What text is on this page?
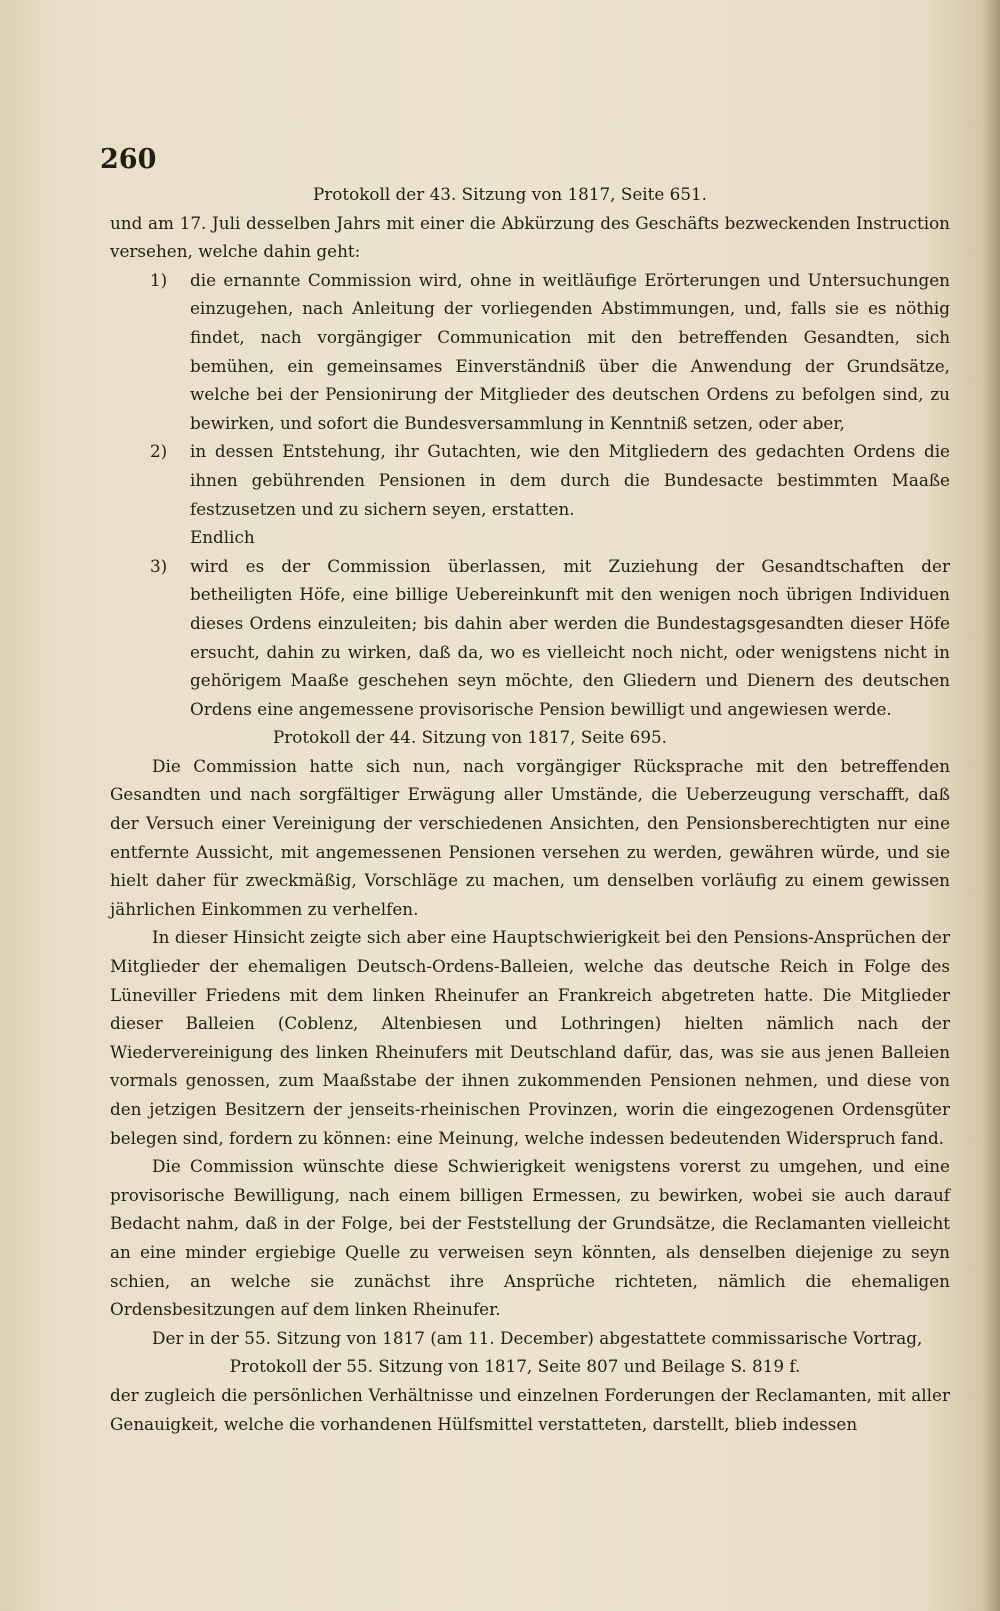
260
Protokoll der 43. Sitzung von 1817, Seite 651.

und am 17. Juli desselben Jahrs mit einer die Abkürzung des Geschäfts bezweckenden Instruction versehen, welche dahin geht:

1) die ernannte Commission wird, ohne in weitläufige Erörterungen und Untersuchungen einzugehen, nach Anleitung der vorliegenden Abstimmungen, und, falls sie es nöthig findet, nach vorgängiger Communication mit den betreffenden Gesandten, sich bemühen, ein gemeinsames Einverständniß über die Anwendung der Grundsätze, welche bei der Pensionirung der Mitglieder des deutschen Ordens zu befolgen sind, zu bewirken, und sofort die Bundesversammlung in Kenntniß setzen, oder aber,
2) in dessen Entstehung, ihr Gutachten, wie den Mitgliedern des gedachten Ordens die ihnen gebührenden Pensionen in dem durch die Bundesacte bestimmten Maaße festzusetzen und zu sichern seyen, erstatten.
Endlich
3) wird es der Commission überlassen, mit Zuziehung der Gesandtschaften der betheiligten Höfe, eine billige Uebereinkunft mit den wenigen noch übrigen Individuen dieses Ordens einzuleiten; bis dahin aber werden die Bundestagsgesandten dieser Höfe ersucht, dahin zu wirken, daß da, wo es vielleicht noch nicht, oder wenigstens nicht in gehörigem Maaße geschehen seyn möchte, den Gliedern und Dienern des deutschen Ordens eine angemessene provisorische Pension bewilligt und angewiesen werde.
Protokoll der 44. Sitzung von 1817, Seite 695.

Die Commission hatte sich nun, nach vorgängiger Rücksprache mit den betreffenden Gesandten und nach sorgfältiger Erwägung aller Umstände, die Ueberzeugung verschafft, daß der Versuch einer Vereinigung der verschiedenen Ansichten, den Pensionsberechtigten nur eine entfernte Aussicht, mit angemessenen Pensionen versehen zu werden, gewähren würde, und sie hielt daher für zweckmäßig, Vorschläge zu machen, um denselben vorläufig zu einem gewissen jährlichen Einkommen zu verhelfen.

In dieser Hinsicht zeigte sich aber eine Hauptschwierigkeit bei den Pensions-Ansprüchen der Mitglieder der ehemaligen Deutsch-Ordens-Balleien, welche das deutsche Reich in Folge des Lüneviller Friedens mit dem linken Rheinufer an Frankreich abgetreten hatte. Die Mitglieder dieser Balleien (Coblenz, Altenbiesen und Lothringen) hielten nämlich nach der Wiedervereinigung des linken Rheinufers mit Deutschland dafür, das, was sie aus jenen Balleien vormals genossen, zum Maaßstabe der ihnen zukommenden Pensionen nehmen, und diese von den jetzigen Besitzern der jenseits-rheinischen Provinzen, worin die eingezogenen Ordensgüter belegen sind, fordern zu können: eine Meinung, welche indessen bedeutenden Widerspruch fand.

Die Commission wünschte diese Schwierigkeit wenigstens vorerst zu umgehen, und eine provisorische Bewilligung, nach einem billigen Ermessen, zu bewirken, wobei sie auch darauf Bedacht nahm, daß in der Folge, bei der Feststellung der Grundsätze, die Reclamanten vielleicht an eine minder ergiebige Quelle zu verweisen seyn könnten, als denselben diejenige zu seyn schien, an welche sie zunächst ihre Ansprüche richteten, nämlich die ehemaligen Ordensbesitzungen auf dem linken Rheinufer.

Der in der 55. Sitzung von 1817 (am 11. December) abgestattete commissarische Vortrag,

Protokoll der 55. Sitzung von 1817, Seite 807 und Beilage S. 819 f.

der zugleich die persönlichen Verhältnisse und einzelnen Forderungen der Reclamanten, mit aller Genauigkeit, welche die vorhandenen Hülfsmittel verstatteten, darstellt, blieb indessen
